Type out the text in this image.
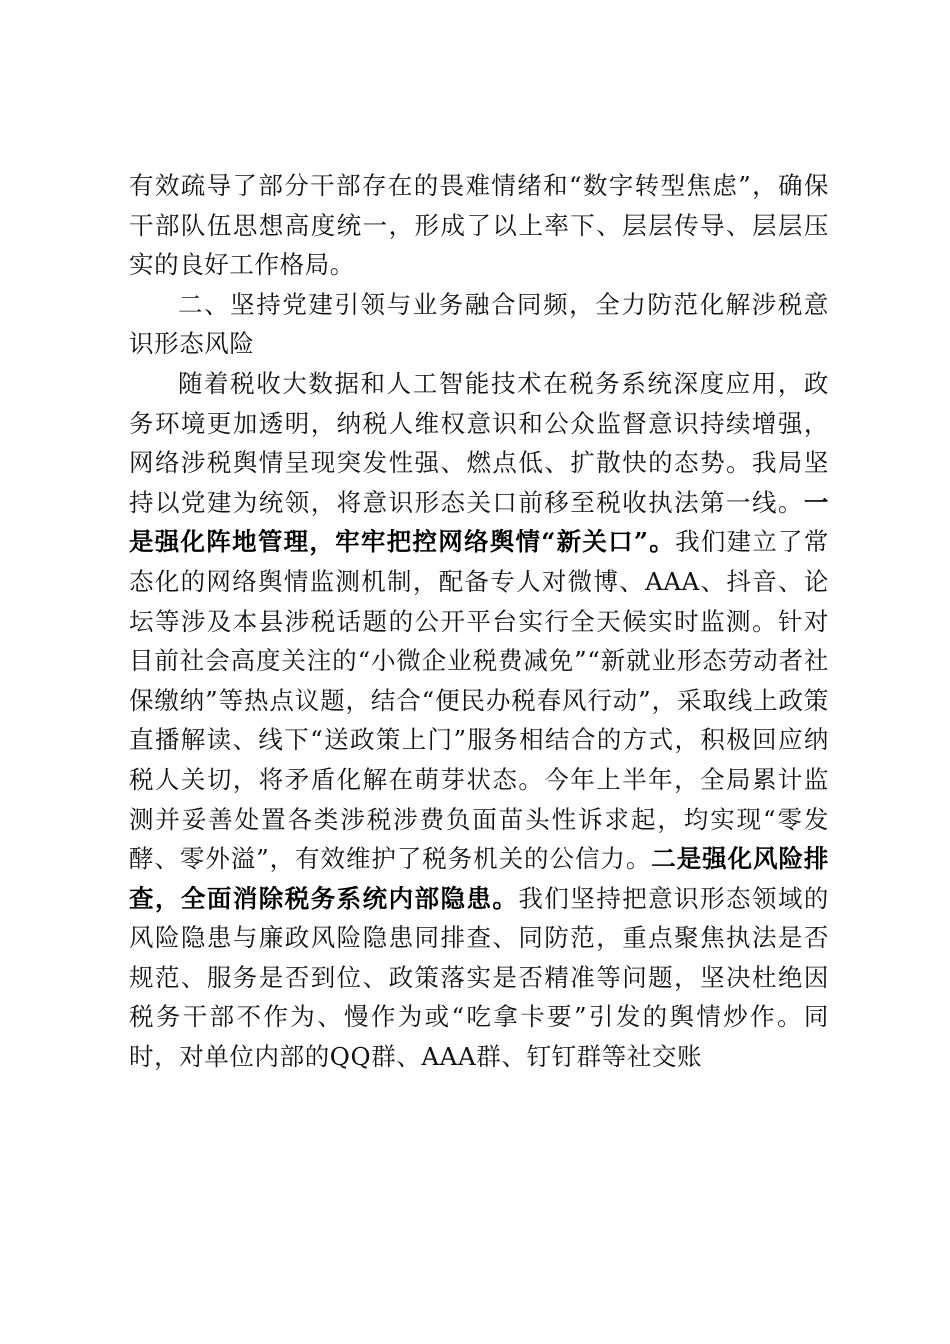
有效疏导了部分干部存在的畏难情绪和“数字转型焦虑”，确保干部队伍思想高度统一，形成了以上率下、层层传导、层层压实的良好工作格局。

二、坚持党建引领与业务融合同频，全力防范化解涉税意识形态风险

随着税收大数据和人工智能技术在税务系统深度应用，政务环境更加透明，纳税人维权意识和公众监督意识持续增强，网络涉税舆情呈现突发性强、燃点低、扩散快的态势。我局坚持以党建为统领，将意识形态关口前移至税收执法第一线。一是强化阵地管理，牢牢把控网络舆情“新关口”。我们建立了常态化的网络舆情监测机制，配备专人对微博、AAA、抖音、论坛等涉及本县涉税话题的公开平台实行全天候实时监测。针对目前社会高度关注的“小微企业税费减免”“新就业形态劳动者社保缴纳”等热点议题，结合“便民办税春风行动”，采取线上政策直播解读、线下“送政策上门”服务相结合的方式，积极回应纳税人关切，将矛盾化解在萌芽状态。今年上半年，全局累计监测并妥善处置各类涉税涉费负面苗头性诉求起，均实现“零发酵、零外溢”，有效维护了税务机关的公信力。二是强化风险排查，全面消除税务系统内部隐患。我们坚持把意识形态领域的风险隐患与廉政风险隐患同排查、同防范，重点聚焦执法是否规范、服务是否到位、政策落实是否精准等问题，坚决杜绝因税务干部不作为、慢作为或“吃拿卡要”引发的舆情炒作。同时，对单位内部的QQ群、AAA群、钉钉群等社交账
